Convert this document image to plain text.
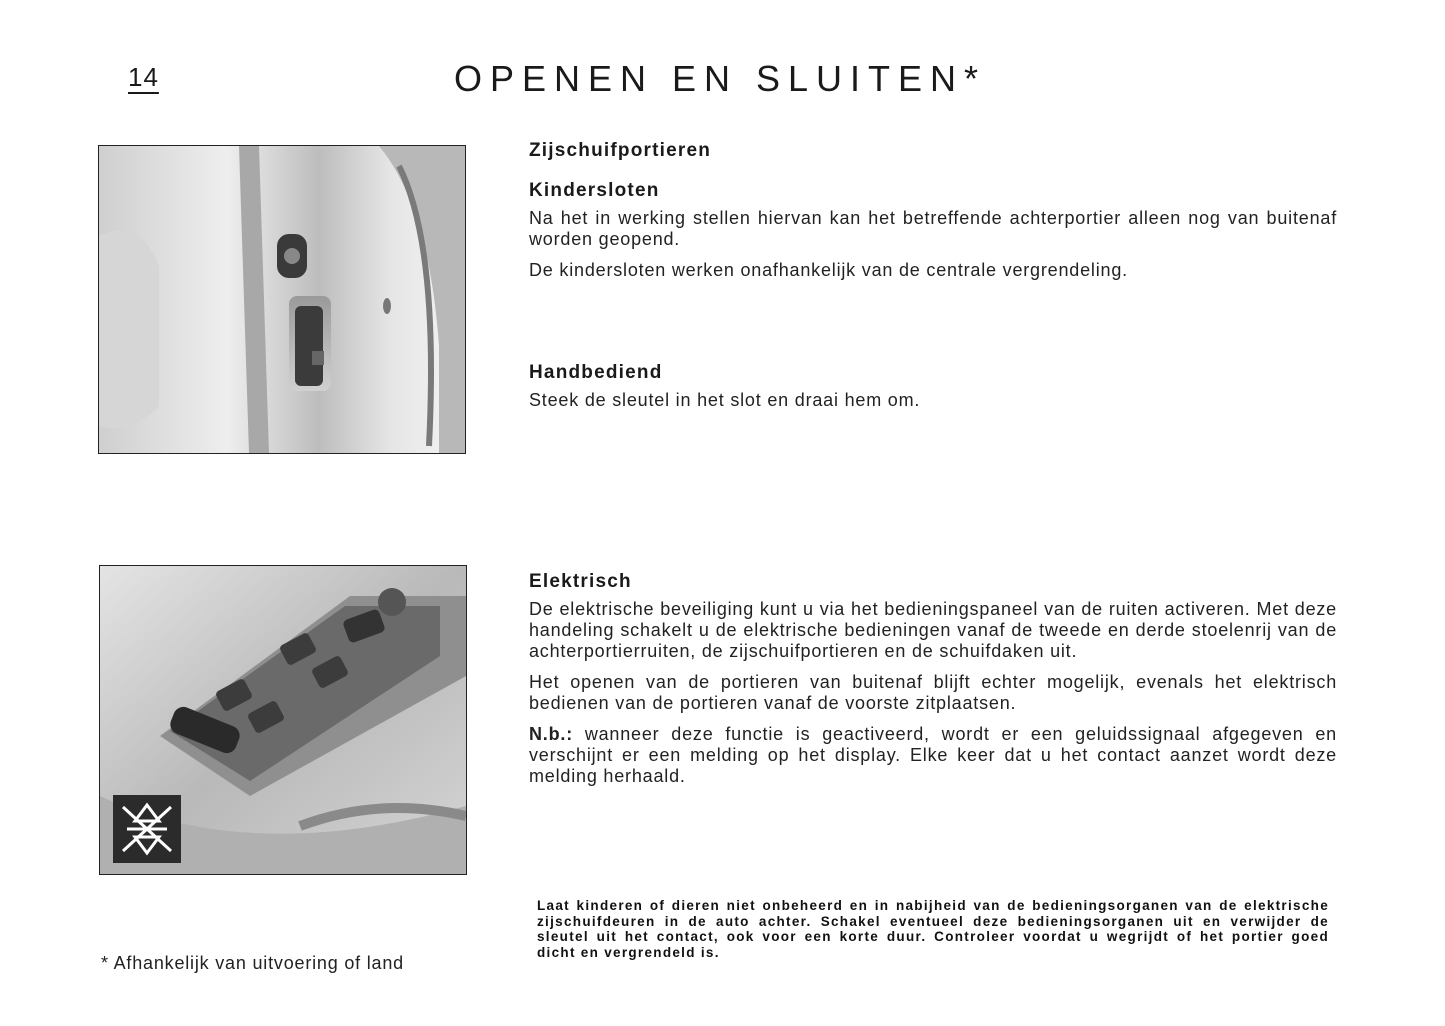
14	OPENEN EN SLUITEN*
Zijschuifportieren
Kindersloten

Na het in werking stellen hiervan kan het betreffende achterportier alleen nog van buitenaf worden geopend.

De kindersloten werken onafhankelijk van de centrale vergrendeling.

Handbediend

Steek de sleutel in het slot en draai hem om.

Elektrisch

De elektrische beveiliging kunt u via het bedieningspaneel van de ruiten activeren. Met deze handeling schakelt u de elektrische bedieningen vanaf de tweede en derde stoelenrij van de achterportierruiten, de zijschuifportieren en de schuifdaken uit.

Het openen van de portieren van buitenaf blijft echter mogelijk, evenals het elektrisch bedienen van de portieren vanaf de voorste zitplaatsen.

N.b.: wanneer deze functie is geactiveerd, wordt er een geluidssignaal afgegeven en verschijnt er een melding op het display. Elke keer dat u het contact aanzet wordt deze melding herhaald.

Laat kinderen of dieren niet onbeheerd en in nabijheid van de bedieningsorganen van de elektrische zijschuifdeuren in de auto achter. Schakel eventueel deze bedieningsorganen uit en verwijder de sleutel uit het contact, ook voor een korte duur. Controleer voordat u wegrijdt of het portier goed dicht en vergrendeld is.

* Afhankelijk van uitvoering of land
